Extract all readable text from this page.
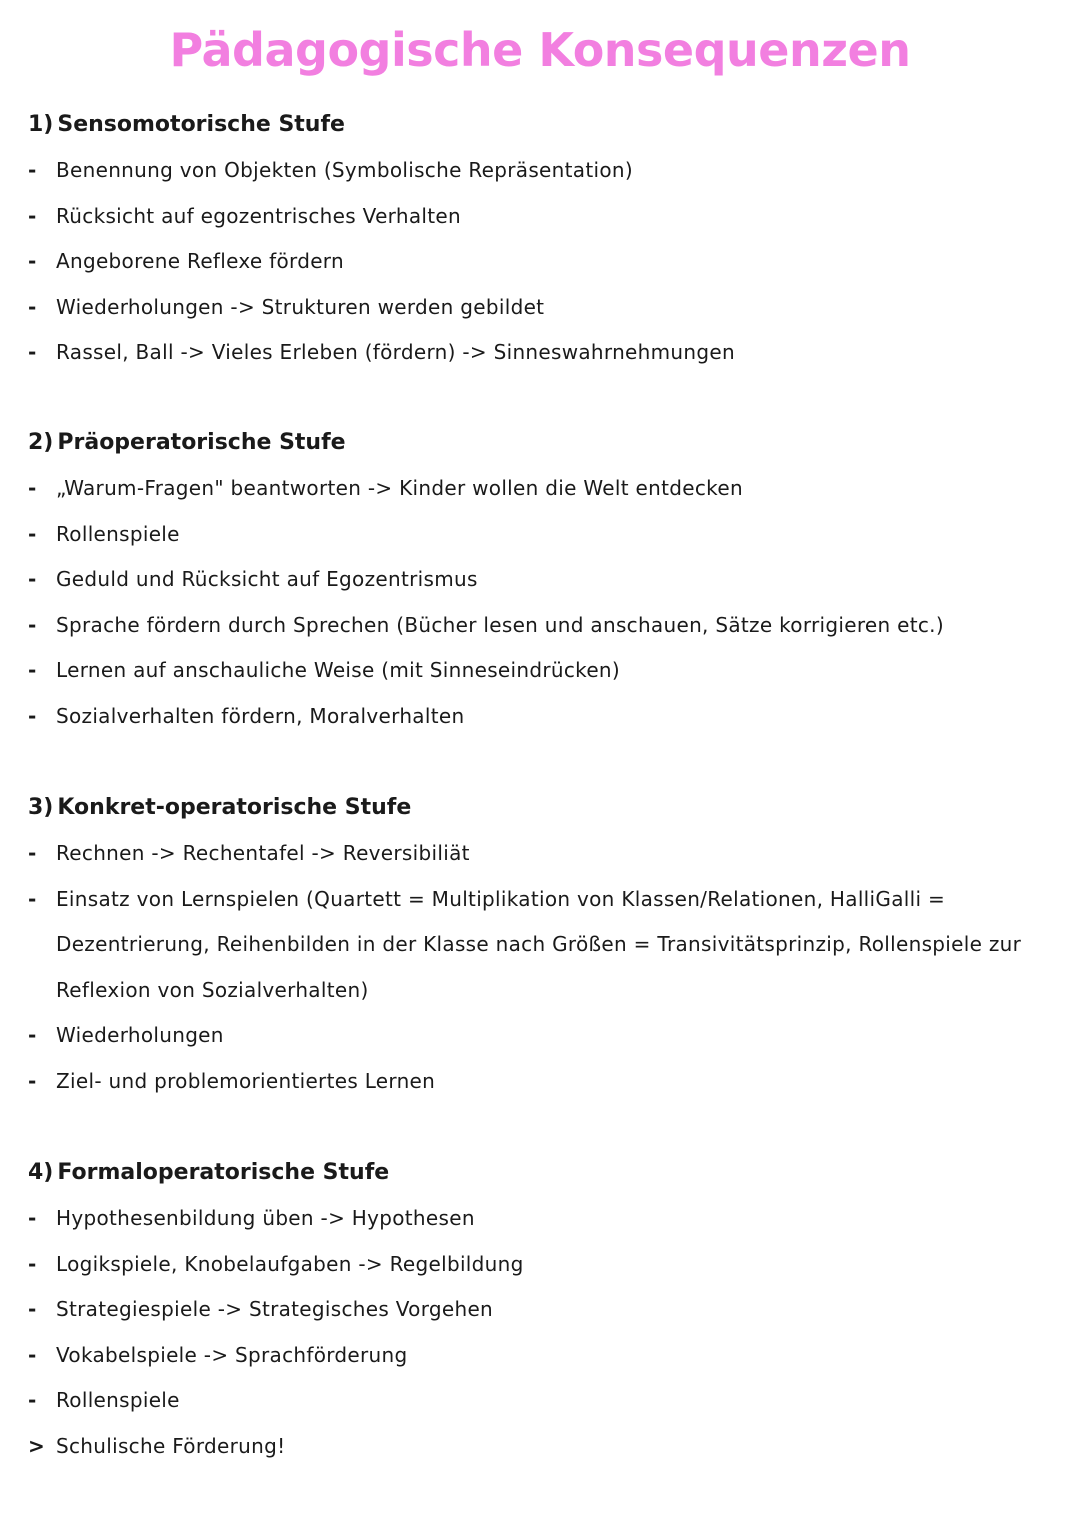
Pädagogische Konsequenzen
1) Sensomotorische Stufe
- Benennung von Objekten (Symbolische Repräsentation)
- Rücksicht auf egozentrisches Verhalten
- Angeborene Reflexe fördern
- Wiederholungen -> Strukturen werden gebildet
- Rassel, Ball -> Vieles Erleben (fördern) -> Sinneswahrnehmungen
2) Präoperatorische Stufe
- „Warum-Fragen" beantworten -> Kinder wollen die Welt entdecken
- Rollenspiele
- Geduld und Rücksicht auf Egozentrismus
- Sprache fördern durch Sprechen (Bücher lesen und anschauen, Sätze korrigieren etc.)
- Lernen auf anschauliche Weise (mit Sinneseindrücken)
- Sozialverhalten fördern, Moralverhalten
3) Konkret-operatorische Stufe
- Rechnen -> Rechentafel -> Reversibiliät
- Einsatz von Lernspielen (Quartett = Multiplikation von Klassen/Relationen, HalliGalli = Dezentrierung, Reihenbilden in der Klasse nach Größen = Transivitätsprinzip, Rollenspiele zur Reflexion von Sozialverhalten)
- Wiederholungen
- Ziel- und problemorientiertes Lernen
4) Formaloperatorische Stufe
- Hypothesenbildung üben -> Hypothesen
- Logikspiele, Knobelaufgaben -> Regelbildung
- Strategiespiele -> Strategisches Vorgehen
- Vokabelspiele -> Sprachförderung
- Rollenspiele
> Schulische Förderung!
